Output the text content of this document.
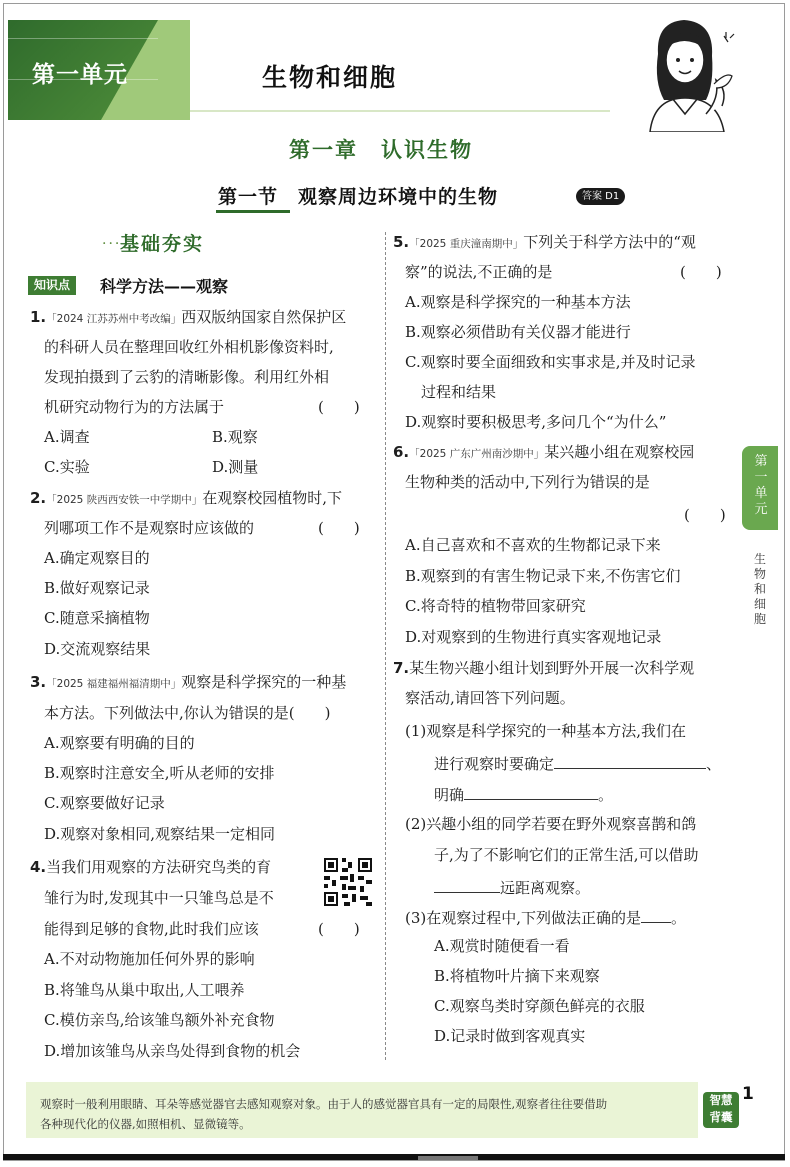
第一单元	生物和细胞
第一章　认识生物
第一节　观察周边环境中的生物	答案 D1
···
基础夯实
知识点	科学方法——观察
1.「2024 江苏苏州中考改编」西双版纳国家自然保护区
的科研人员在整理回收红外相机影像资料时,
发现拍摄到了云豹的清晰影像。利用红外相
机研究动物行为的方法属于	(　　)
A.调查	B.观察
C.实验	D.测量
2.「2025 陕西西安铁一中学期中」在观察校园植物时,下
列哪项工作不是观察时应该做的	(　　)
A.确定观察目的
B.做好观察记录
C.随意采摘植物
D.交流观察结果
3.「2025 福建福州福清期中」观察是科学探究的一种基
本方法。下列做法中,你认为错误的是(　　)
A.观察要有明确的目的
B.观察时注意安全,听从老师的安排
C.观察要做好记录
D.观察对象相同,观察结果一定相同
4.当我们用观察的方法研究鸟类的育
雏行为时,发现其中一只雏鸟总是不
能得到足够的食物,此时我们应该	(　　)
A.不对动物施加任何外界的影响
B.将雏鸟从巢中取出,人工喂养
C.模仿亲鸟,给该雏鸟额外补充食物
D.增加该雏鸟从亲鸟处得到食物的机会
5.「2025 重庆潼南期中」下列关于科学方法中的“观
察”的说法,不正确的是	(　　)
A.观察是科学探究的一种基本方法
B.观察必须借助有关仪器才能进行
C.观察时要全面细致和实事求是,并及时记录
过程和结果
D.观察时要积极思考,多问几个“为什么”
6.「2025 广东广州南沙期中」某兴趣小组在观察校园
生物种类的活动中,下列行为错误的是
(　　)
A.自己喜欢和不喜欢的生物都记录下来
B.观察到的有害生物记录下来,不伤害它们
C.将奇特的植物带回家研究
D.对观察到的生物进行真实客观地记录
7.某生物兴趣小组计划到野外开展一次科学观
察活动,请回答下列问题。
(1)观察是科学探究的一种基本方法,我们在
进行观察时要确定	、
明确	。
(2)兴趣小组的同学若要在野外观察喜鹊和鸽
子,为了不影响它们的正常生活,可以借助
远距离观察。
(3)在观察过程中,下列做法正确的是 。
A.观赏时随便看一看
B.将植物叶片摘下来观察
C.观察鸟类时穿颜色鲜亮的衣服
D.记录时做到客观真实
第一单元
生物和细胞
观察时一般利用眼睛、耳朵等感觉器官去感知观察对象。由于人的感觉器官具有一定的局限性,观察者往往要借助
各种现代化的仪器,如照相机、显微镜等。
智慧
背囊
1
